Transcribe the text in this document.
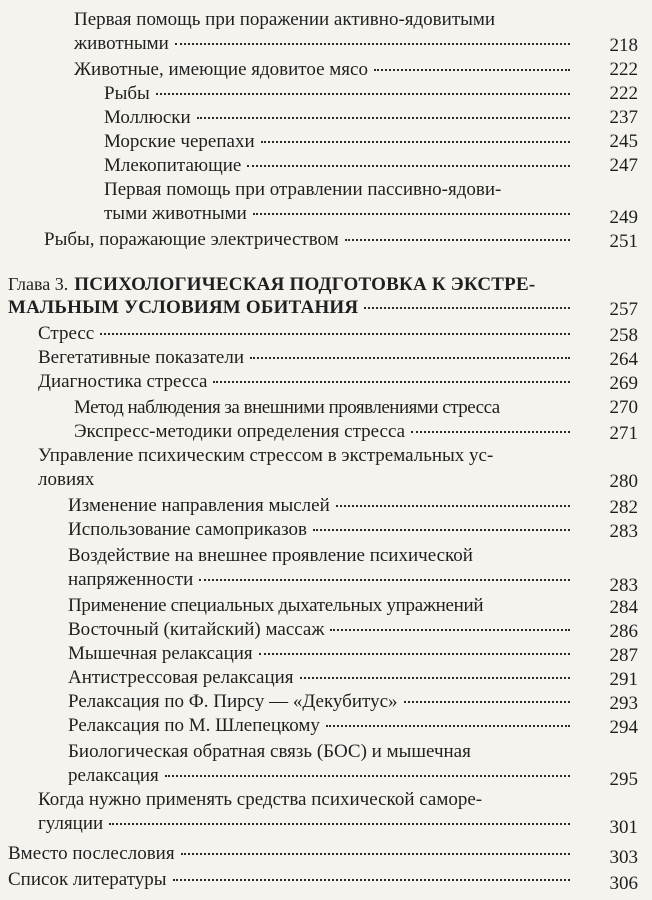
Первая помощь при поражении активно-ядовитыми
животными	218
Животные, имеющие ядовитое мясо	222
Рыбы	222
Моллюски	237
Морские черепахи	245
Млекопитающие	247
Первая помощь при отравлении пассивно-ядови-
тыми животными	249
Рыбы, поражающие электричеством	251
Глава 3. ПСИХОЛОГИЧЕСКАЯ ПОДГОТОВКА К ЭКСТРЕ-
МАЛЬНЫМ УСЛОВИЯМ ОБИТАНИЯ	257
Стресс	258
Вегетативные показатели	264
Диагностика стресса	269
Метод наблюдения за внешними проявлениями стресса	270
Экспресс-методики определения стресса	271
Управление психическим стрессом в экстремальных ус-
ловиях	280
Изменение направления мыслей	282
Использование самоприказов	283
Воздействие на внешнее проявление психической
напряженности	283
Применение специальных дыхательных упражнений	284
Восточный (китайский) массаж	286
Мышечная релаксация	287
Антистрессовая релаксация	291
Релаксация по Ф. Пирсу — «Декубитус»	293
Релаксация по М. Шлепецкому	294
Биологическая обратная связь (БОС) и мышечная
релаксация	295
Когда нужно применять средства психической саморе-
гуляции	301
Вместо послесловия	303
Список литературы	306
